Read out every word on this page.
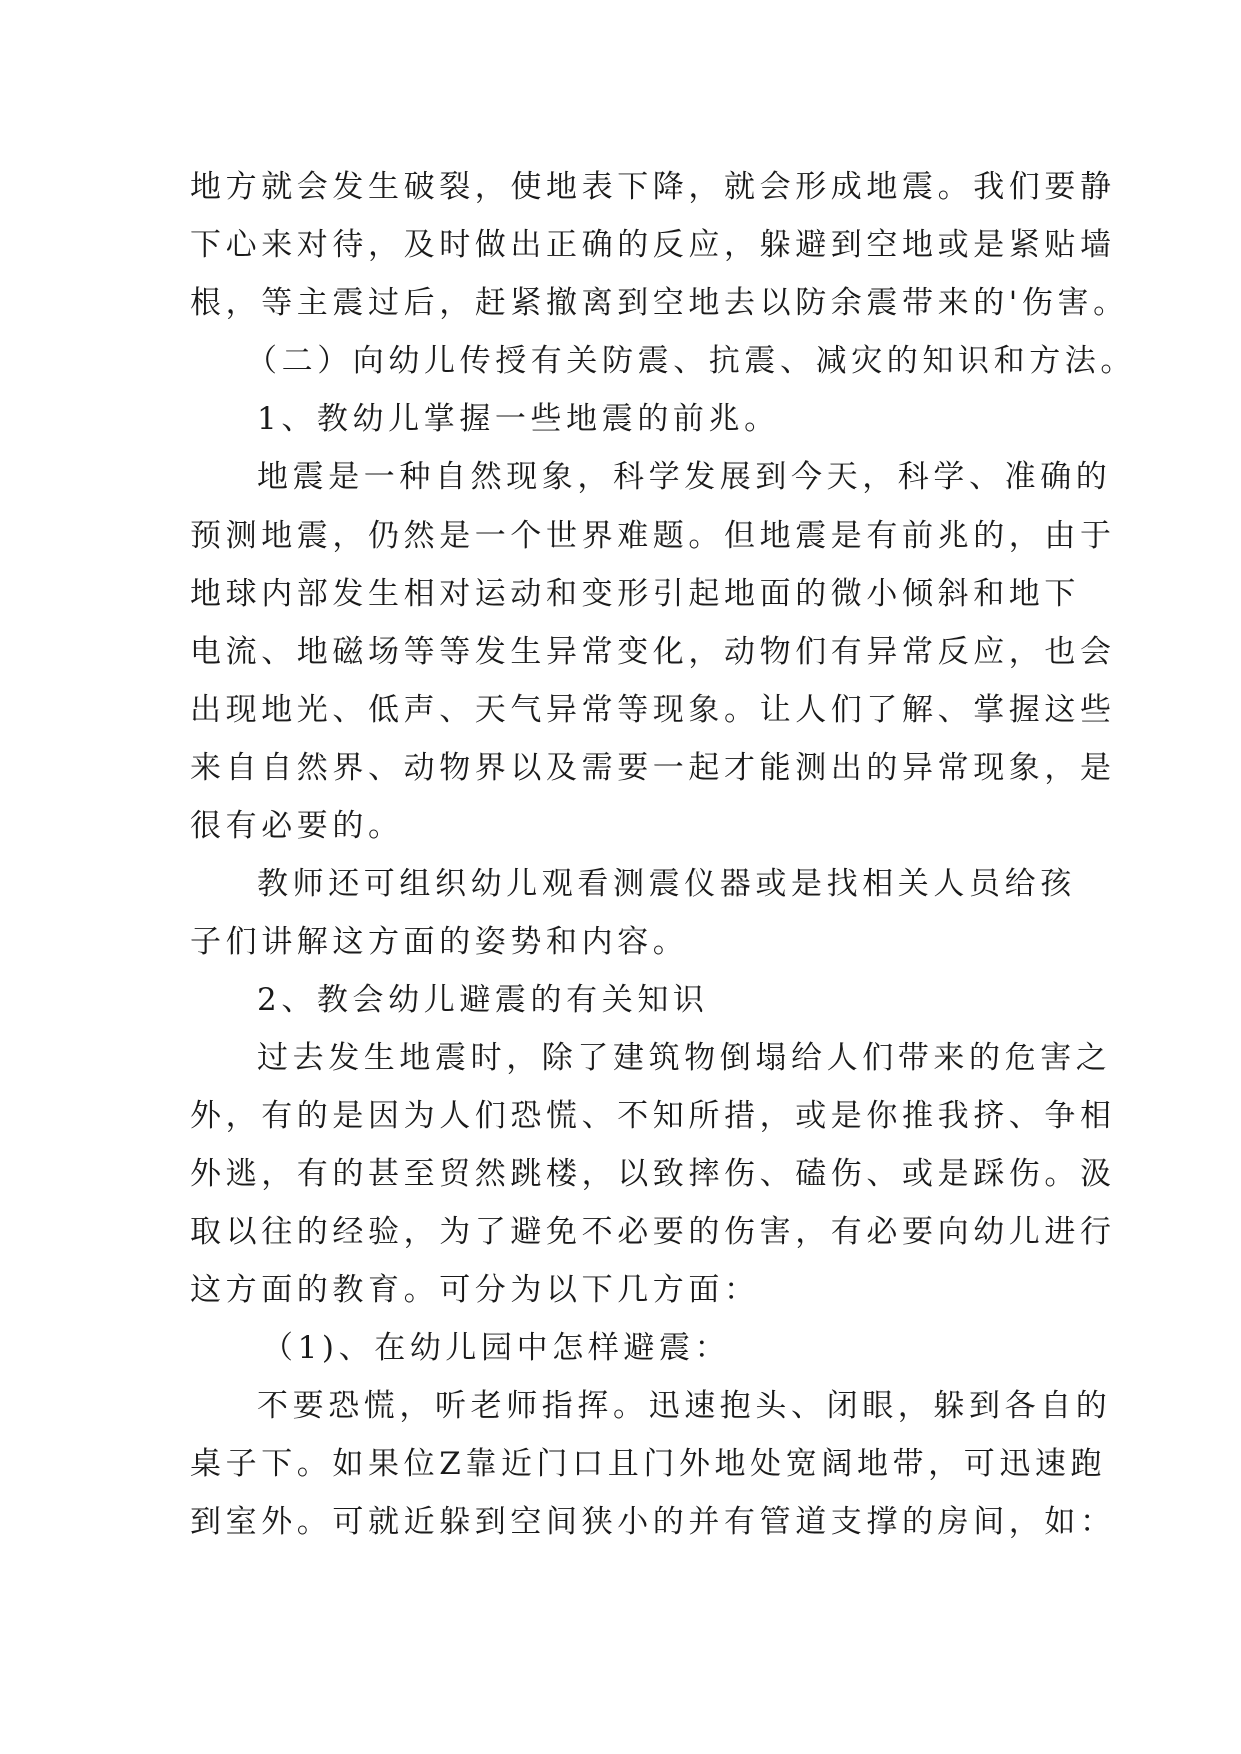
地方就会发生破裂，使地表下降，就会形成地震。我们要静
下心来对待，及时做出正确的反应，躲避到空地或是紧贴墙
根，等主震过后，赶紧撤离到空地去以防余震带来的'伤害。
（二）向幼儿传授有关防震、抗震、减灾的知识和方法。
1、教幼儿掌握一些地震的前兆。
地震是一种自然现象，科学发展到今天，科学、准确的
预测地震，仍然是一个世界难题。但地震是有前兆的，由于
地球内部发生相对运动和变形引起地面的微小倾斜和地下
电流、地磁场等等发生异常变化，动物们有异常反应，也会
出现地光、低声、天气异常等现象。让人们了解、掌握这些
来自自然界、动物界以及需要一起才能测出的异常现象，是
很有必要的。
教师还可组织幼儿观看测震仪器或是找相关人员给孩
子们讲解这方面的姿势和内容。
2、教会幼儿避震的有关知识
过去发生地震时，除了建筑物倒塌给人们带来的危害之
外，有的是因为人们恐慌、不知所措，或是你推我挤、争相
外逃，有的甚至贸然跳楼，以致摔伤、磕伤、或是踩伤。汲
取以往的经验，为了避免不必要的伤害，有必要向幼儿进行
这方面的教育。可分为以下几方面：
（1)、在幼儿园中怎样避震：
不要恐慌，听老师指挥。迅速抱头、闭眼，躲到各自的
桌子下。如果位Z靠近门口且门外地处宽阔地带，可迅速跑
到室外。可就近躲到空间狭小的并有管道支撑的房间，如：
